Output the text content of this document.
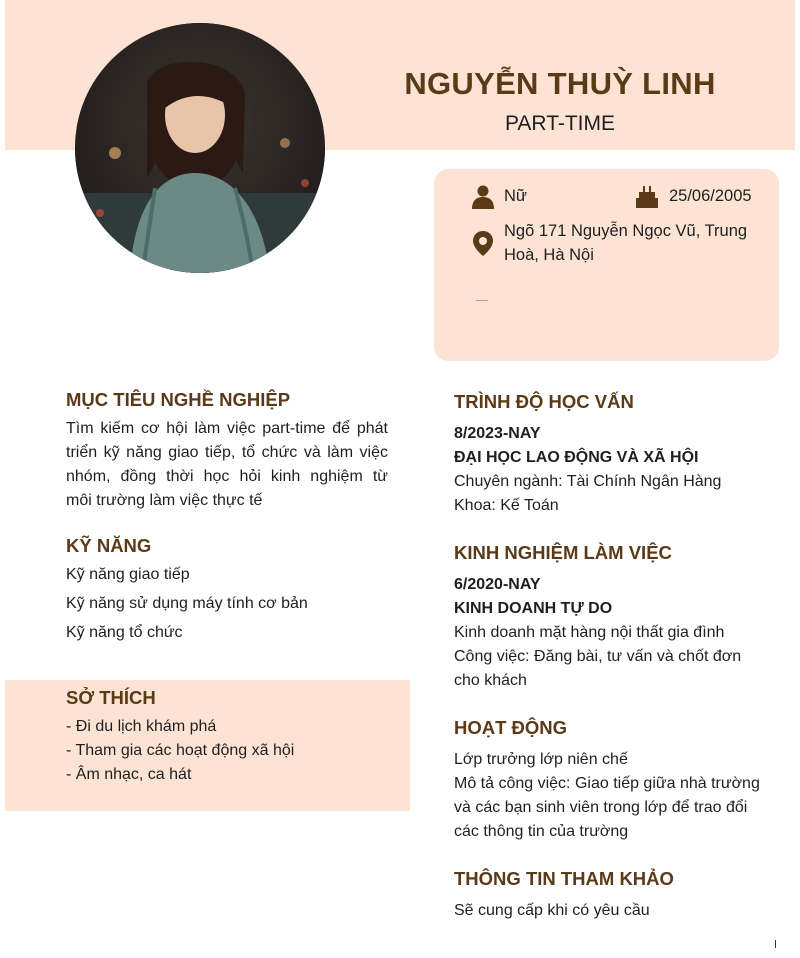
NGUYỄN THUỲ LINH
PART-TIME
Nữ	25/06/2005
Ngõ 171 Nguyễn Ngọc Vũ, Trung
Hoà, Hà Nội
MỤC TIÊU NGHỀ NGHIỆP
Tìm kiếm cơ hội làm việc part-time để phát
triển kỹ năng giao tiếp, tổ chức và làm việc
nhóm, đồng thời học hỏi kinh nghiệm từ
môi trường làm việc thực tế
KỸ NĂNG
Kỹ năng giao tiếp
Kỹ năng sử dụng máy tính cơ bản
Kỹ năng tổ chức
SỞ THÍCH
- Đi du lịch khám phá
- Tham gia các hoạt động xã hội
- Âm nhạc, ca hát
TRÌNH ĐỘ HỌC VẤN
8/2023-NAY
ĐẠI HỌC LAO ĐỘNG VÀ XÃ HỘI
Chuyên ngành: Tài Chính Ngân Hàng
Khoa: Kế Toán
KINH NGHIỆM LÀM VIỆC
6/2020-NAY
KINH DOANH TỰ DO
Kinh doanh mặt hàng nội thất gia đình
Công việc: Đăng bài, tư vấn và chốt đơn
cho khách
HOẠT ĐỘNG
Lớp trưởng lớp niên chế
Mô tả công việc: Giao tiếp giữa nhà trường
và các bạn sinh viên trong lớp để trao đổi
các thông tin của trường
THÔNG TIN THAM KHẢO
Sẽ cung cấp khi có yêu cầu
